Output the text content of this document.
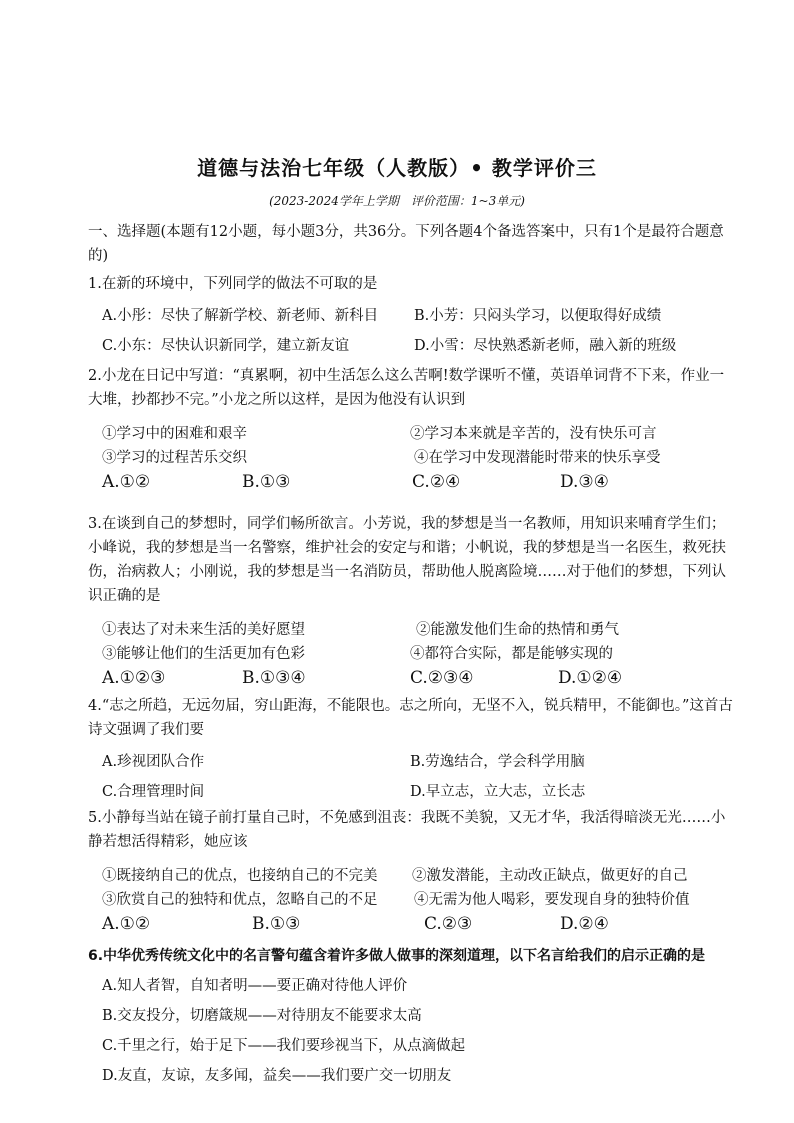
道德与法治七年级（人教版）• 教学评价三
(2023-2024学年上学期　评价范围：1~3单元)
一、选择题(本题有12小题，每小题3分，共36分。下列各题4个备选答案中，只有1个是最符合题意的)

1.在新的环境中，下列同学的做法不可取的是

A.小彤：尽快了解新学校、新老师、新科目 B.小芳：只闷头学习，以便取得好成绩
C.小东：尽快认识新同学，建立新友谊	D.小雪：尽快熟悉新老师，融入新的班级

2.小龙在日记中写道：“真累啊，初中生活怎么这么苦啊!数学课听不懂，英语单词背不下来，作业一大堆，抄都抄不完。”小龙之所以这样，是因为他没有认识到

①学习中的困难和艰辛	②学习本来就是辛苦的，没有快乐可言
③学习的过程苦乐交织	④在学习中发现潜能时带来的快乐享受
A.①②	B.①③	C.②④	D.③④

3.在谈到自己的梦想时，同学们畅所欲言。小芳说，我的梦想是当一名教师，用知识来哺育学生们；小峰说，我的梦想是当一名警察，维护社会的安定与和谐；小帆说，我的梦想是当一名医生，救死扶伤，治病救人；小刚说，我的梦想是当一名消防员，帮助他人脱离险境……对于他们的梦想，下列认识正确的是

①表达了对未来生活的美好愿望	②能激发他们生命的热情和勇气
③能够让他们的生活更加有色彩	④都符合实际，都是能够实现的
A.①②③	B.①③④	C.②③④	D.①②④

4.“志之所趋，无远勿届，穷山距海，不能限也。志之所向，无坚不入，锐兵精甲，不能御也。”这首古诗文强调了我们要

A.珍视团队合作	B.劳逸结合，学会科学用脑
C.合理管理时间	D.早立志，立大志，立长志

5.小静每当站在镜子前打量自己时，不免感到沮丧：我既不美貌，又无才华，我活得暗淡无光……小静若想活得精彩，她应该

①既接纳自己的优点，也接纳自己的不完美 ②激发潜能，主动改正缺点，做更好的自己
③欣赏自己的独特和优点，忽略自己的不足	④无需为他人喝彩，要发现自身的独特价值
A.①②	B.①③	C.②③	D.②④

6.中华优秀传统文化中的名言警句蕴含着许多做人做事的深刻道理，以下名言给我们的启示正确的是

A.知人者智，自知者明——要正确对待他人评价
B.交友投分，切磨箴规——对待朋友不能要求太高
C.千里之行，始于足下——我们要珍视当下，从点滴做起
D.友直，友谅，友多闻，益矣——我们要广交一切朋友
